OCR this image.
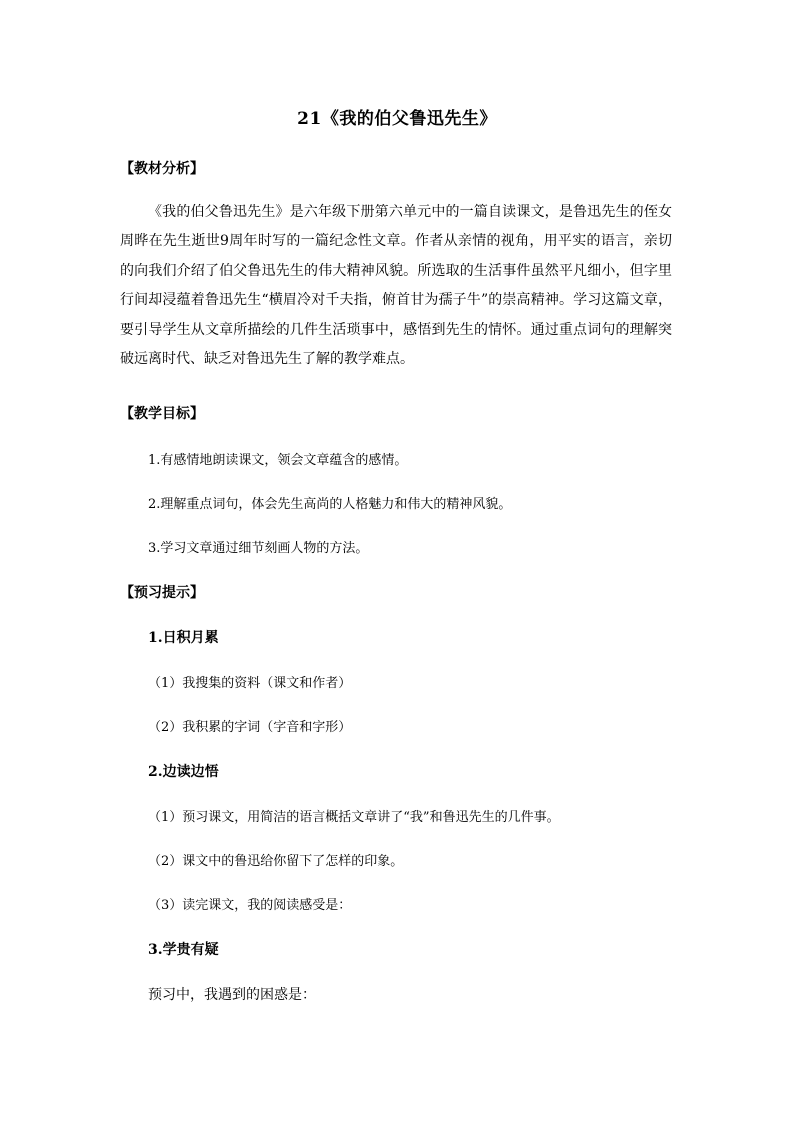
21《我的伯父鲁迅先生》
【教材分析】

《我的伯父鲁迅先生》是六年级下册第六单元中的一篇自读课文，是鲁迅先生的侄女周晔在先生逝世9周年时写的一篇纪念性文章。作者从亲情的视角，用平实的语言，亲切的向我们介绍了伯父鲁迅先生的伟大精神风貌。所选取的生活事件虽然平凡细小，但字里行间却浸蕴着鲁迅先生“横眉冷对千夫指，俯首甘为孺子牛”的崇高精神。学习这篇文章，要引导学生从文章所描绘的几件生活琐事中，感悟到先生的情怀。通过重点词句的理解突破远离时代、缺乏对鲁迅先生了解的教学难点。

【教学目标】
1.有感情地朗读课文，领会文章蕴含的感情。
2.理解重点词句，体会先生高尚的人格魅力和伟大的精神风貌。
3.学习文章通过细节刻画人物的方法。
【预习提示】
1.日积月累
（1）我搜集的资料（课文和作者）
（2）我积累的字词（字音和字形）
2.边读边悟
（1）预习课文，用简洁的语言概括文章讲了“我”和鲁迅先生的几件事。
（2）课文中的鲁迅给你留下了怎样的印象。
（3）读完课文，我的阅读感受是：
3.学贵有疑
预习中，我遇到的困惑是：
